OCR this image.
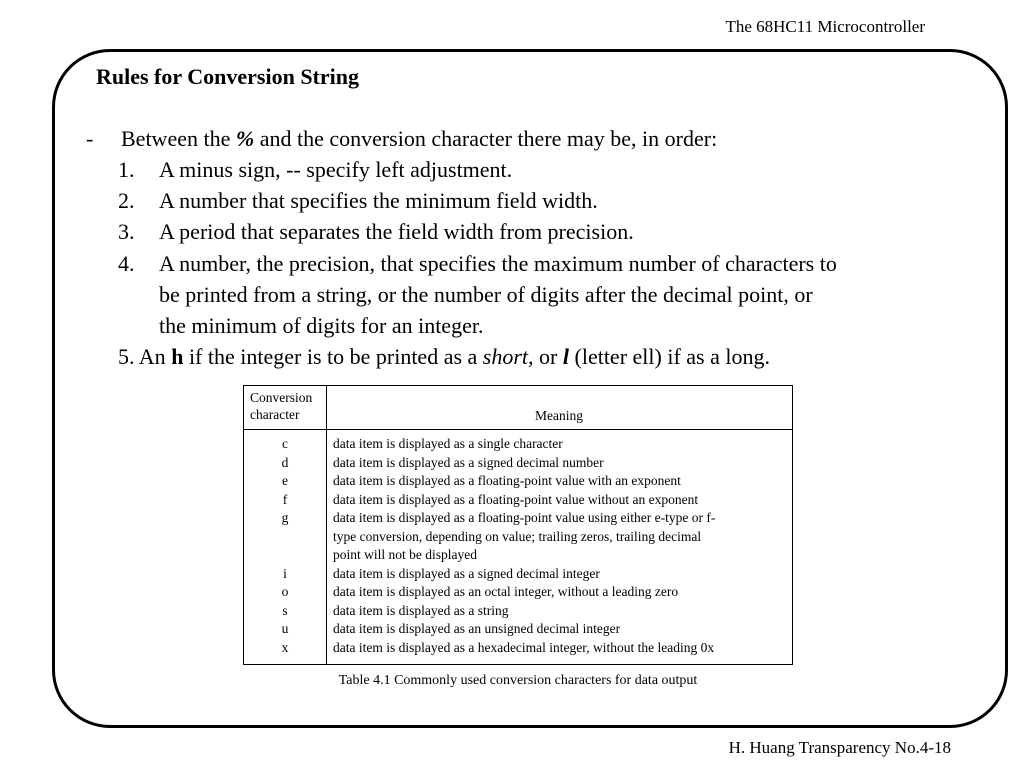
The 68HC11 Microcontroller
Rules for Conversion String
- Between the % and the conversion character there may be, in order:
1. A minus sign, -- specify left adjustment.
2. A number that specifies the minimum field width.
3. A period that separates the field width from precision.
4. A number, the precision, that specifies the maximum number of characters to
be printed from a string, or the number of digits after the decimal point, or
the minimum of digits for an integer.
5. An h if the integer is to be printed as a short, or l (letter ell) if as a long.
Conversion
character	Meaning
c	data item is displayed as a single character
d	data item is displayed as a signed decimal number
e	data item is displayed as a floating-point value with an exponent
f	data item is displayed as a floating-point value without an exponent
g	data item is displayed as a floating-point value using either e-type or f-
type conversion, depending on value; trailing zeros, trailing decimal
point will not be displayed
i	data item is displayed as a signed decimal integer
o	data item is displayed as an octal integer, without a leading zero
s	data item is displayed as a string
u	data item is displayed as an unsigned decimal integer
x	data item is displayed as a hexadecimal integer, without the leading 0x
Table 4.1 Commonly used conversion characters for data output
H. Huang Transparency No.4-18
